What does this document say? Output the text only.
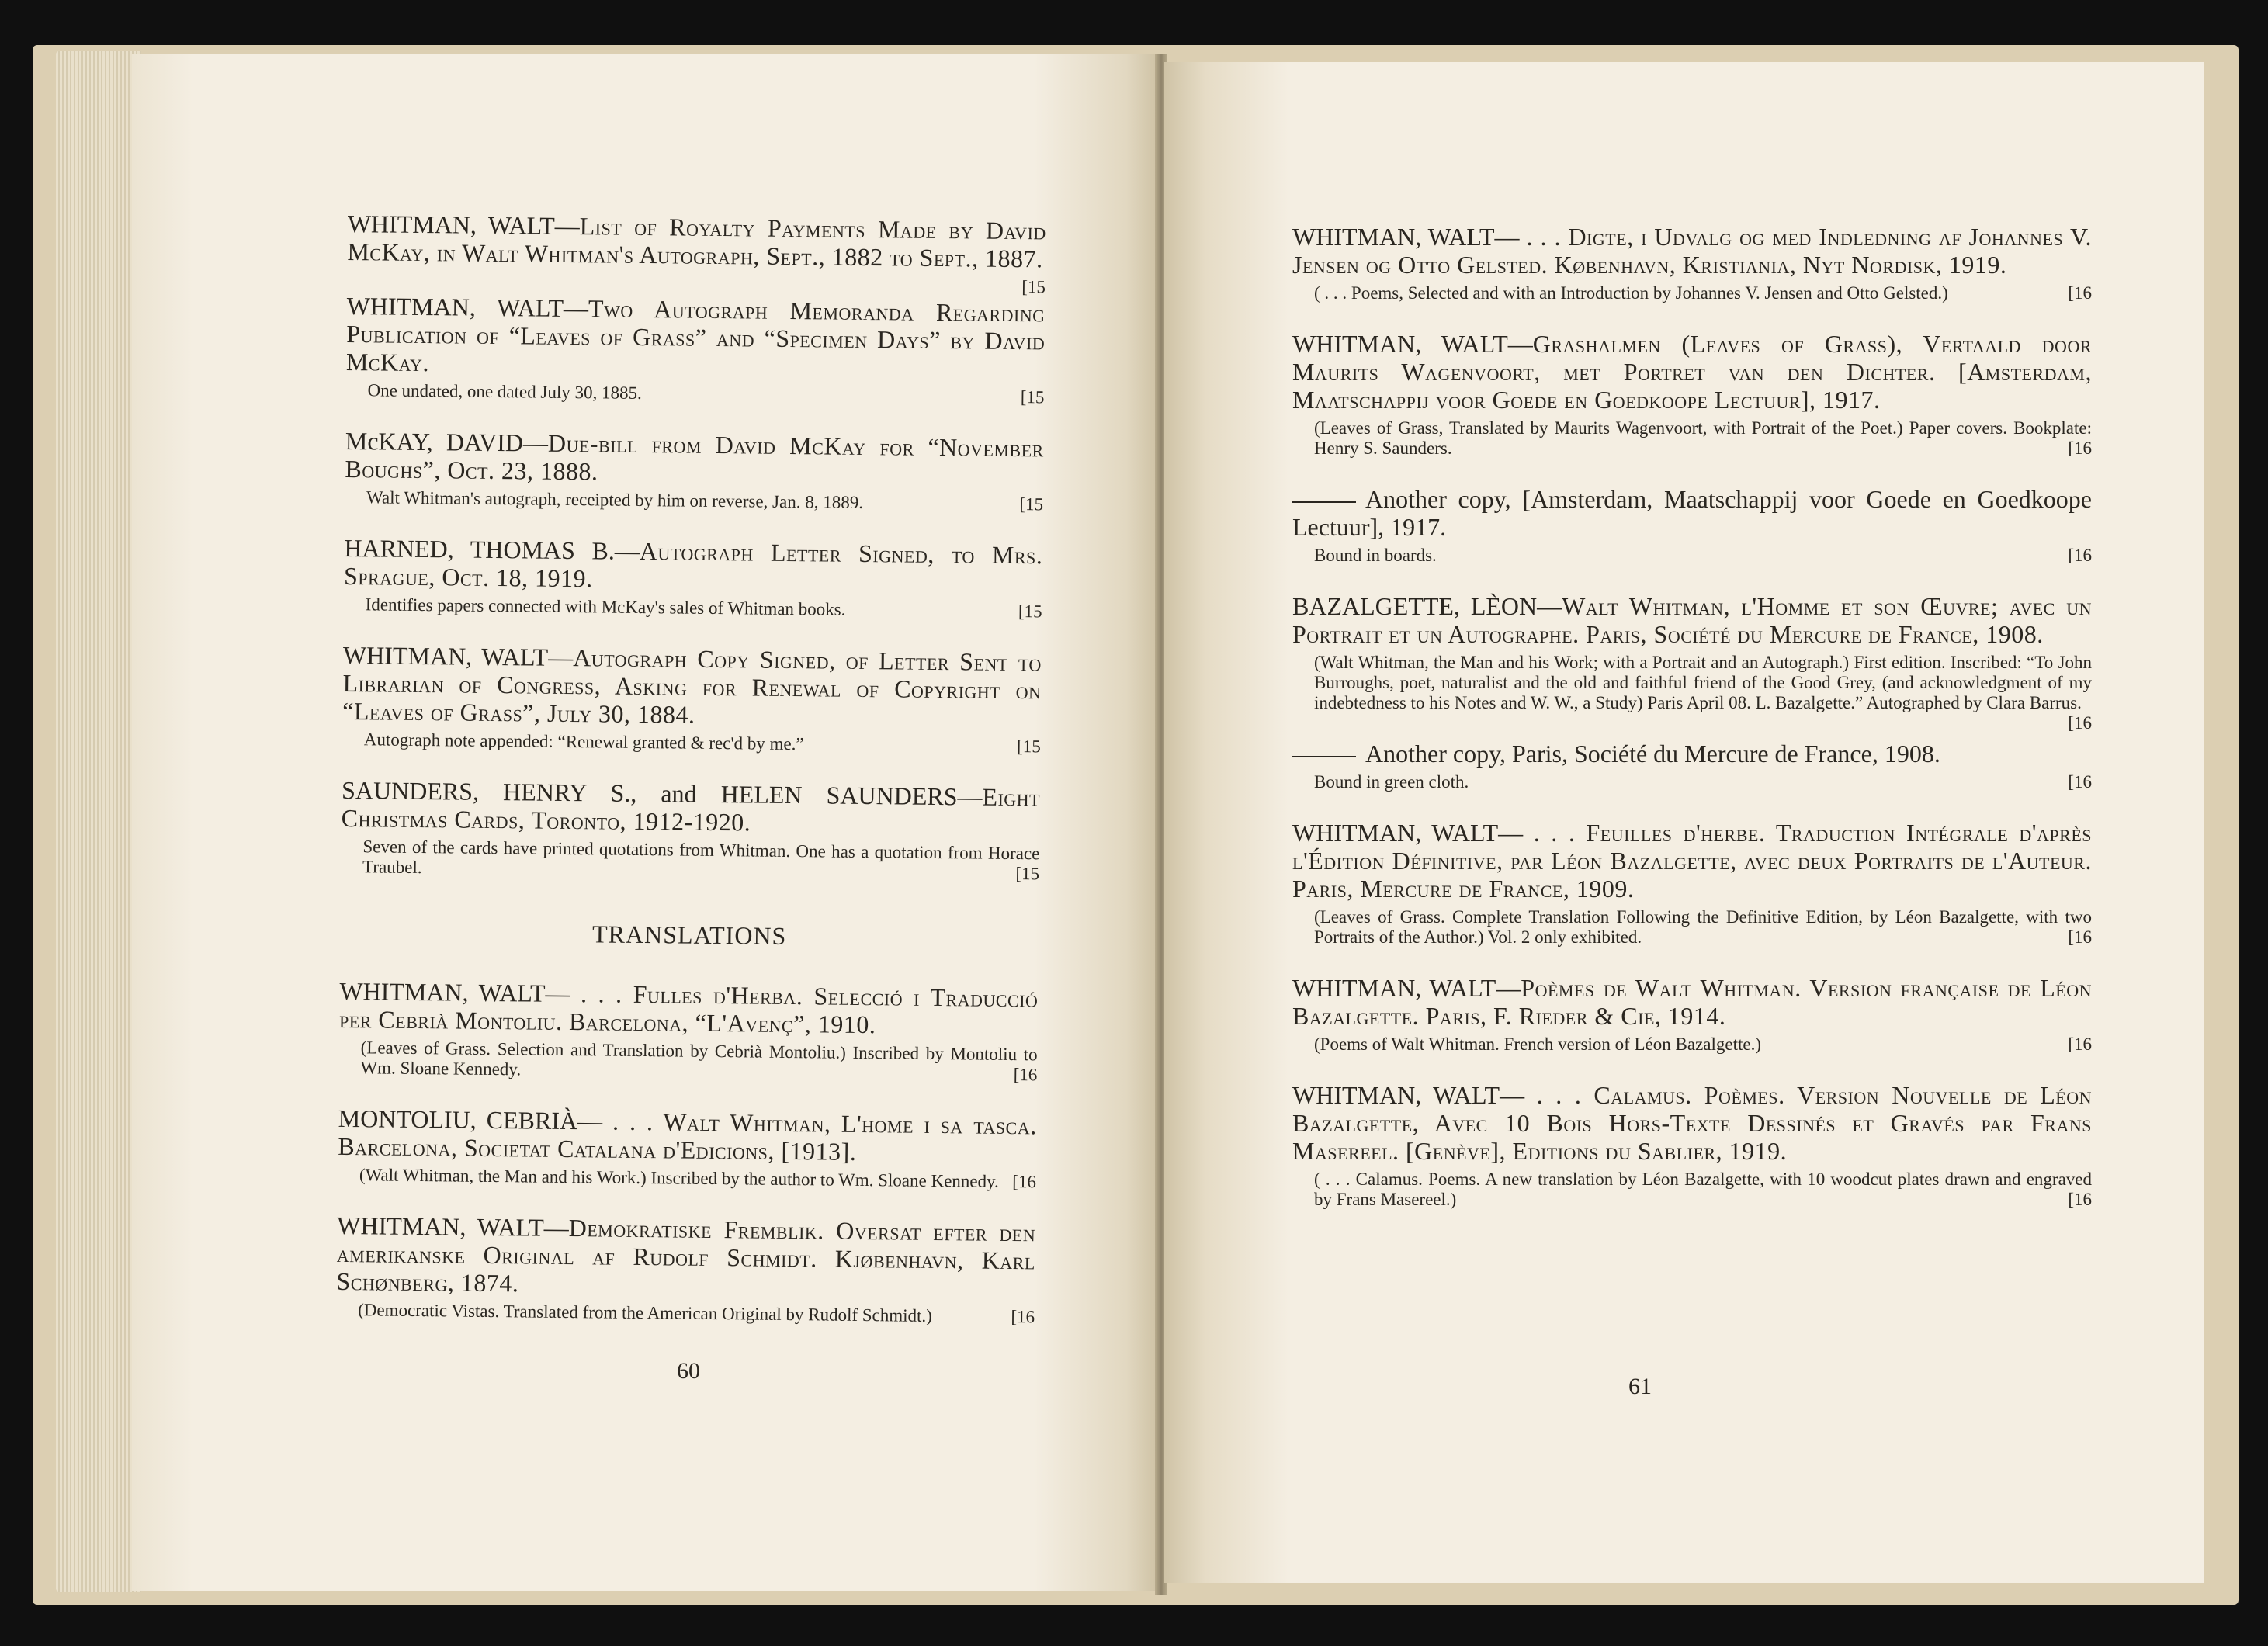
WHITMAN, WALT—List of Royalty Payments Made by David McKay, in Walt Whitman's Autograph, Sept., 1882 to Sept., 1887.

[15

WHITMAN, WALT—Two Autograph Memoranda Regarding Publication of “Leaves of Grass” and “Specimen Days” by David McKay.

One undated, one dated July 30, 1885.	[15

McKAY, DAVID—Due-bill from David McKay for “November Boughs”, Oct. 23, 1888.

Walt Whitman's autograph, receipted by him on reverse, Jan. 8, 1889.	[15

HARNED, THOMAS B.—Autograph Letter Signed, to Mrs. Sprague, Oct. 18, 1919.

Identifies papers connected with McKay's sales of Whitman books.	[15

WHITMAN, WALT—Autograph Copy Signed, of Letter Sent to Librarian of Congress, Asking for Renewal of Copyright on “Leaves of Grass”, July 30, 1884.

Autograph note appended: “Renewal granted & rec'd by me.”	[15

SAUNDERS, HENRY S., and HELEN SAUNDERS—Eight Christmas Cards, Toronto, 1912-1920.

Seven of the cards have printed quotations from Whitman. One has a quotation from Horace Traubel.	[15
TRANSLATIONS

WHITMAN, WALT— . . . Fulles d'Herba. Selecció i Traducció per Cebrià Montoliu. Barcelona, “L'Avenç”, 1910.

(Leaves of Grass. Selection and Translation by Cebrià Montoliu.) Inscribed by Montoliu to Wm. Sloane Kennedy.	[16

MONTOLIU, CEBRIÀ— . . . Walt Whitman, L'home i sa tasca. Barcelona, Societat Catalana d'Edicions, [1913].

(Walt Whitman, the Man and his Work.) Inscribed by the author to Wm. Sloane Kennedy. [16

WHITMAN, WALT—Demokratiske Fremblik. Oversat efter den amerikanske Original af Rudolf Schmidt. Kjøbenhavn, Karl Schønberg, 1874.

(Democratic Vistas. Translated from the American Original by Rudolf Schmidt.)	[16
60

WHITMAN, WALT— . . . Digte, i Udvalg og med Indledning af Johannes V. Jensen og Otto Gelsted. København, Kristiania, Nyt Nordisk, 1919.

( . . . Poems, Selected and with an Introduction by Johannes V. Jensen and Otto Gelsted.)	[16

WHITMAN, WALT—Grashalmen (Leaves of Grass), Vertaald door Maurits Wagenvoort, met Portret van den Dichter. [Amsterdam, Maatschappij voor Goede en Goedkoope Lectuur], 1917.

(Leaves of Grass, Translated by Maurits Wagenvoort, with Portrait of the Poet.) Paper covers. Bookplate: Henry S. Saunders.	[16

Another copy, [Amsterdam, Maatschappij voor Goede en Goedkoope Lectuur], 1917.

Bound in boards.	[16

BAZALGETTE, LÈON—Walt Whitman, l'Homme et son Œuvre; avec un Portrait et un Autographe. Paris, Société du Mercure de France, 1908.

(Walt Whitman, the Man and his Work; with a Portrait and an Autograph.) First edition. Inscribed: “To John Burroughs, poet, naturalist and the old and faithful friend of the Good Grey, (and acknowledgment of my indebtedness to his Notes and W. W., a Study) Paris April 08. L. Bazalgette.” Autographed by Clara Barrus.
[16

Another copy, Paris, Société du Mercure de France, 1908.

Bound in green cloth.	[16

WHITMAN, WALT— . . . Feuilles d'herbe. Traduction Intégrale d'après l'Édition Définitive, par Léon Bazalgette, avec deux Portraits de l'Auteur. Paris, Mercure de France, 1909.

(Leaves of Grass. Complete Translation Following the Definitive Edition, by Léon Bazalgette, with two Portraits of the Author.) Vol. 2 only exhibited.	[16

WHITMAN, WALT—Poèmes de Walt Whitman. Version française de Léon Bazalgette. Paris, F. Rieder & Cie, 1914.

(Poems of Walt Whitman. French version of Léon Bazalgette.)	[16

WHITMAN, WALT— . . . Calamus. Poèmes. Version Nouvelle de Léon Bazalgette, Avec 10 Bois Hors-Texte Dessinés et Gravés par Frans Masereel. [Genève], Editions du Sablier, 1919.

( . . . Calamus. Poems. A new translation by Léon Bazalgette, with 10 woodcut plates drawn and engraved by Frans Masereel.)	[16
61
